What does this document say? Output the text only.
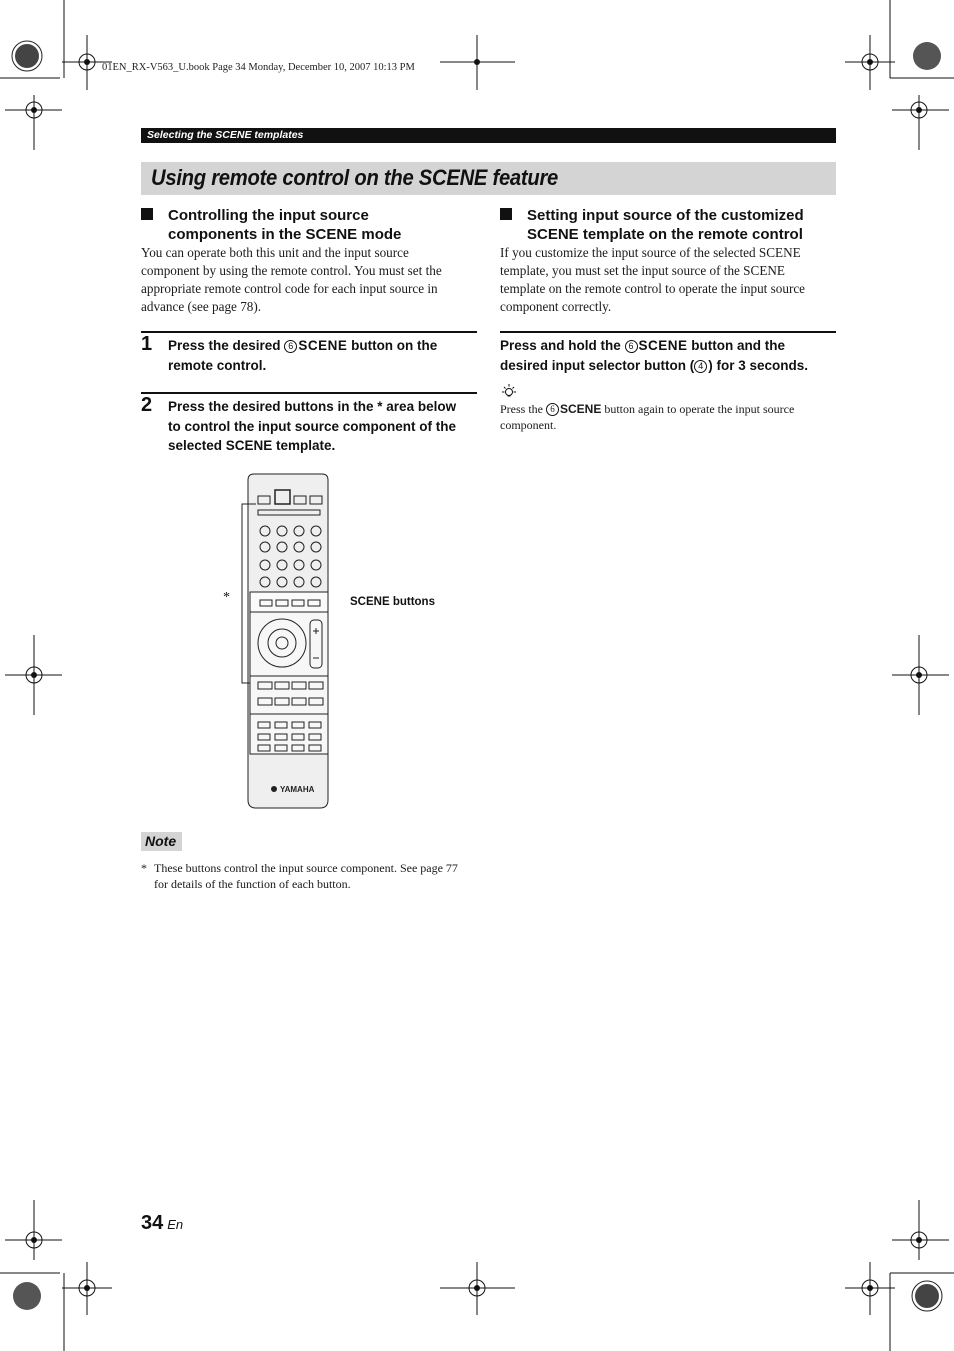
01EN_RX-V563_U.book Page 34 Monday, December 10, 2007 10:13 PM
Selecting the SCENE templates
Using remote control on the SCENE feature
Controlling the input source
components in the SCENE mode
You can operate both this unit and the input source
component by using the remote control. You must set the
appropriate remote control code for each input source in
advance (see page 78).
1 Press the desired 6 SCENE button on the
remote control.
2 Press the desired buttons in the * area below
to control the input source component of the
selected SCENE template.
YAMAHA
*	SCENE buttons
Note
* These buttons control the input source component. See page 77
for details of the function of each button.
Setting input source of the customized
SCENE template on the remote control
If you customize the input source of the selected SCENE
template, you must set the input source of the SCENE
template on the remote control to operate the input source
component correctly.
Press and hold the 6 SCENE button and the
desired input selector button ( 4 ) for 3 seconds.
Press the 6 SCENE button again to operate the input source
component.
34 En
